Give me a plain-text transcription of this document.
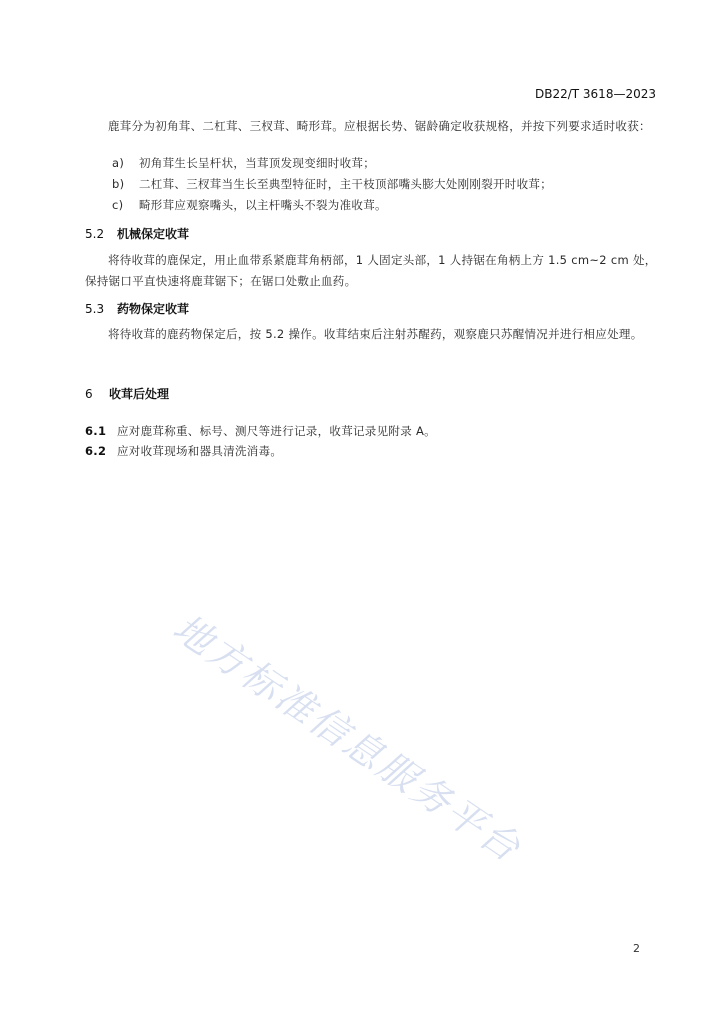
DB22/T 3618—2023
鹿茸分为初角茸、二杠茸、三杈茸、畸形茸。应根据长势、锯龄确定收获规格，并按下列要求适时收获：
a) 初角茸生长呈杆状，当茸顶发现变细时收茸；
b) 二杠茸、三杈茸当生长至典型特征时，主干枝顶部嘴头膨大处刚刚裂开时收茸；
c) 畸形茸应观察嘴头，以主杆嘴头不裂为准收茸。
5.2 机械保定收茸
将待收茸的鹿保定，用止血带系紧鹿茸角柄部，1 人固定头部，1 人持锯在角柄上方 1.5 cm~2 cm 处，保持锯口平直快速将鹿茸锯下；在锯口处敷止血药。
5.3 药物保定收茸
将待收茸的鹿药物保定后，按 5.2 操作。收茸结束后注射苏醒药，观察鹿只苏醒情况并进行相应处理。
6 收茸后处理
6.1 应对鹿茸称重、标号、测尺等进行记录，收茸记录见附录 A。
6.2 应对收茸现场和器具清洗消毒。
地方标准信息服务平台
2
